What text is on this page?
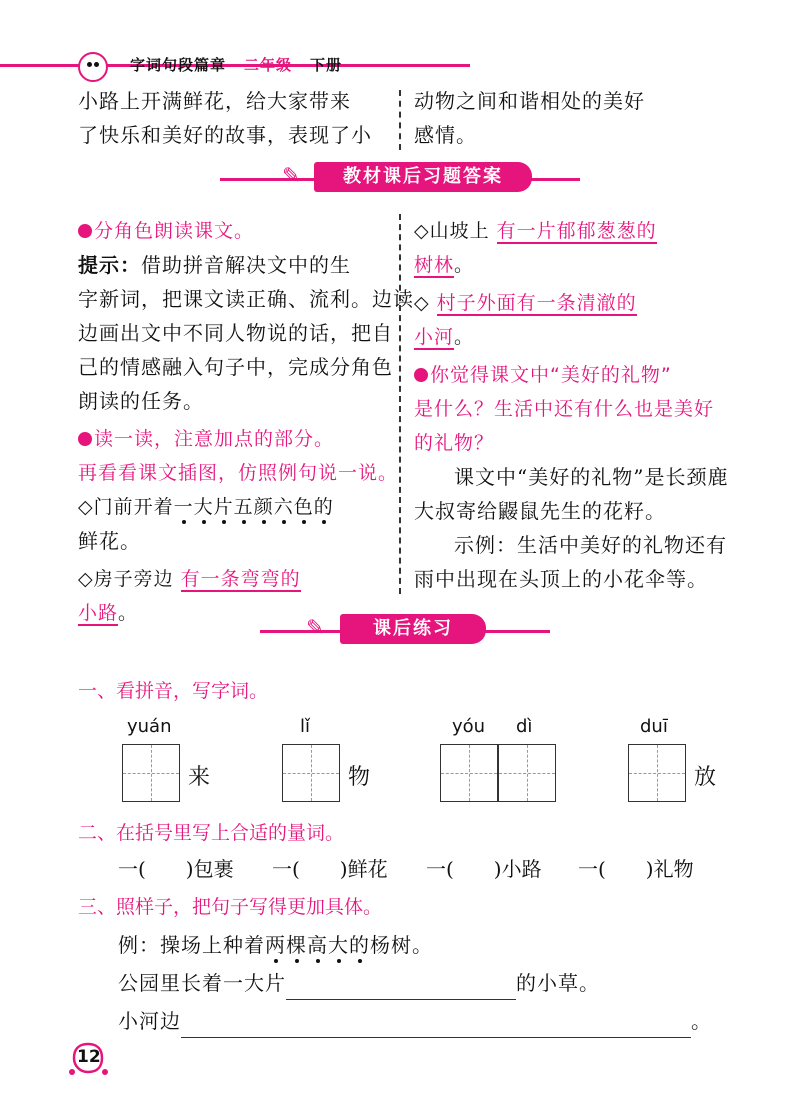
字词句段篇章 二年级 下册
小路上开满鲜花，给大家带来
了快乐和美好的故事，表现了小
动物之间和谐相处的美好
感情。
✎	教材课后习题答案
分角色朗读课文。
提示：借助拼音解决文中的生
字新词，把课文读正确、流利。边读
边画出文中不同人物说的话，把自
己的情感融入句子中，完成分角色
朗读的任务。
读一读，注意加点的部分。
再看看课文插图，仿照例句说一说。
◇门前开着一大片五颜六色的
鲜花。
◇房子旁边 有一条弯弯的
小路。
◇山坡上 有一片郁郁葱葱的
树林。
◇ 村子外面有一条清澈的
小河。
你觉得课文中“美好的礼物”
是什么？生活中还有什么也是美好
的礼物？
课文中“美好的礼物”是长颈鹿
大叔寄给鼹鼠先生的花籽。
示例：生活中美好的礼物还有
雨中出现在头顶上的小花伞等。
✎	课后练习
一、看拼音，写字词。
yuán
来
lǐ
物
yóu dì	duī
放
二、在括号里写上合适的量词。
一(　　)包裹 一(　　)鲜花 一(　　)小路 一(　　)礼物
三、照样子，把句子写得更加具体。
例：操场上种着两棵高大的杨树。
公园里长着一大片	的小草。
小河边	。
12
